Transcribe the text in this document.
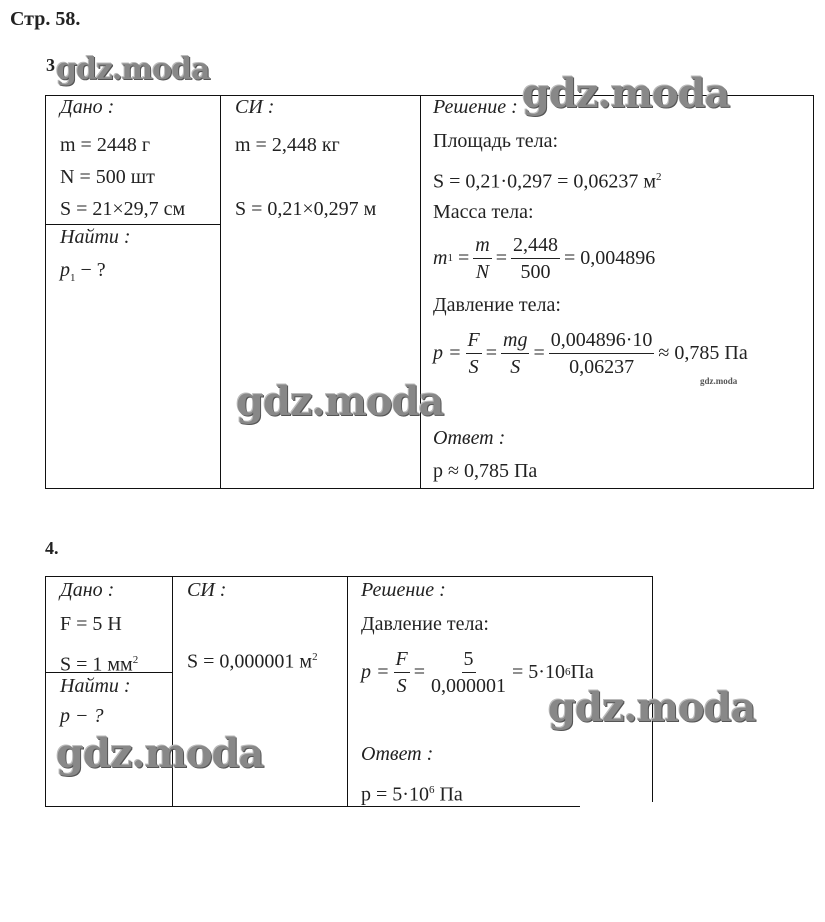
Стр. 58.
3
Дано :
m = 2448 г
N = 500 шт
S = 21×29,7 см
Найти :
$p_1$ − ?
СИ :
m = 2,448 кг
S = 0,21×0,297 м
Решение :
Площадь тела:
S = 0,21·0,297 = 0,06237 $м^2$
Масса тела:
m 1 =
m
N
= $\frac{2,448}{500} = 0,004896$
Давление тела:
$p = \frac{F}{S}$ =
mg
S
= $\frac{0,004896\cdot 10}{0,06237} \approx 0,785$ Па
Ответ :
p ≈ 0,785 Па
4.
Дано :
F = 5 Н
S = 1 $мм^2$
Найти :
p − ?
СИ :
S = 0,000001 $м^2$
Решение :
Давление тела:
$p = \frac{F}{S} = \frac{5}{0,000001} = 5\cdot 10$ 6 Па
Ответ :
$p = 5\cdot 10^6$ Па
gdz.moda
gdz.moda
gdz.moda	gdz.moda
gdz.moda
gdz.moda
